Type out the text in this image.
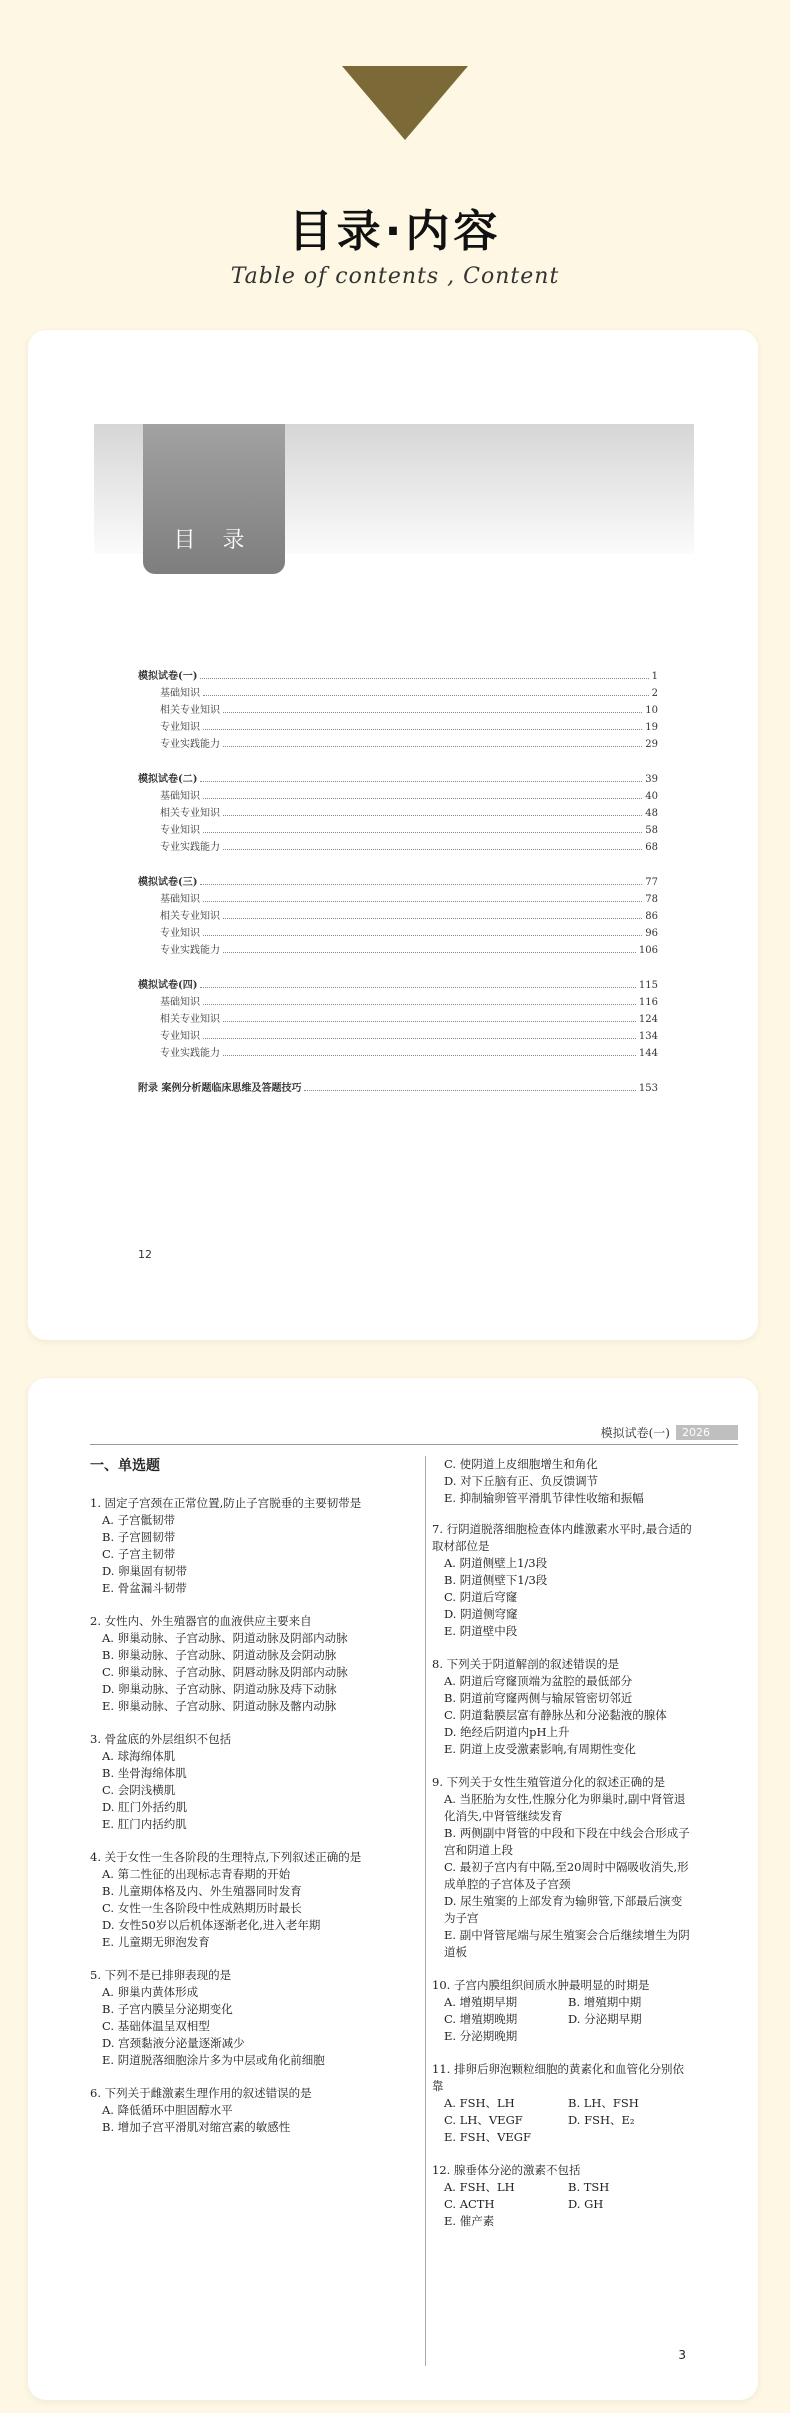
目录·内容
Table of contents , Content
目 录
模拟试卷(一)	1
基础知识	2
相关专业知识	10
专业知识	19
专业实践能力	29
模拟试卷(二)	39
基础知识	40
相关专业知识	48
专业知识	58
专业实践能力	68
模拟试卷(三)	77
基础知识	78
相关专业知识	86
专业知识	96
专业实践能力	106
模拟试卷(四)	115
基础知识	116
相关专业知识	124
专业知识	134
专业实践能力	144
附录 案例分析题临床思维及答题技巧	153
12
模拟试卷(一)	2026
一、单选题
1. 固定子宫颈在正常位置,防止子宫脱垂的主要韧带是
A. 子宫骶韧带
B. 子宫圆韧带
C. 子宫主韧带
D. 卵巢固有韧带
E. 骨盆漏斗韧带
2. 女性内、外生殖器官的血液供应主要来自
A. 卵巢动脉、子宫动脉、阴道动脉及阴部内动脉
B. 卵巢动脉、子宫动脉、阴道动脉及会阴动脉
C. 卵巢动脉、子宫动脉、阴唇动脉及阴部内动脉
D. 卵巢动脉、子宫动脉、阴道动脉及痔下动脉
E. 卵巢动脉、子宫动脉、阴道动脉及髂内动脉
3. 骨盆底的外层组织不包括
A. 球海绵体肌
B. 坐骨海绵体肌
C. 会阴浅横肌
D. 肛门外括约肌
E. 肛门内括约肌
4. 关于女性一生各阶段的生理特点,下列叙述正确的是
A. 第二性征的出现标志青春期的开始
B. 儿童期体格及内、外生殖器同时发育
C. 女性一生各阶段中性成熟期历时最长
D. 女性50岁以后机体逐渐老化,进入老年期
E. 儿童期无卵泡发育
5. 下列不是已排卵表现的是
A. 卵巢内黄体形成
B. 子宫内膜呈分泌期变化
C. 基础体温呈双相型
D. 宫颈黏液分泌量逐渐减少
E. 阴道脱落细胞涂片多为中层或角化前细胞
6. 下列关于雌激素生理作用的叙述错误的是
A. 降低循环中胆固醇水平
B. 增加子宫平滑肌对缩宫素的敏感性
C. 使阴道上皮细胞增生和角化
D. 对下丘脑有正、负反馈调节
E. 抑制输卵管平滑肌节律性收缩和振幅
7. 行阴道脱落细胞检查体内雌激素水平时,最合适的取材部位是
A. 阴道侧壁上1/3段
B. 阴道侧壁下1/3段
C. 阴道后穹窿
D. 阴道侧穹窿
E. 阴道壁中段
8. 下列关于阴道解剖的叙述错误的是
A. 阴道后穹窿顶端为盆腔的最低部分
B. 阴道前穹窿两侧与输尿管密切邻近
C. 阴道黏膜层富有静脉丛和分泌黏液的腺体
D. 绝经后阴道内pH上升
E. 阴道上皮受激素影响,有周期性变化
9. 下列关于女性生殖管道分化的叙述正确的是
A. 当胚胎为女性,性腺分化为卵巢时,副中肾管退化消失,中肾管继续发育
B. 两侧副中肾管的中段和下段在中线会合形成子宫和阴道上段
C. 最初子宫内有中隔,至20周时中隔吸收消失,形成单腔的子宫体及子宫颈
D. 尿生殖窦的上部发育为输卵管,下部最后演变为子宫
E. 副中肾管尾端与尿生殖窦会合后继续增生为阴道板
10. 子宫内膜组织间质水肿最明显的时期是
A. 增殖期早期	B. 增殖期中期
C. 增殖期晚期	D. 分泌期早期
E. 分泌期晚期
11. 排卵后卵泡颗粒细胞的黄素化和血管化分别依靠
A. FSH、LH	B. LH、FSH
C. LH、VEGF	D. FSH、E₂
E. FSH、VEGF
12. 腺垂体分泌的激素不包括
A. FSH、LH	B. TSH
C. ACTH	D. GH
E. 催产素
3
